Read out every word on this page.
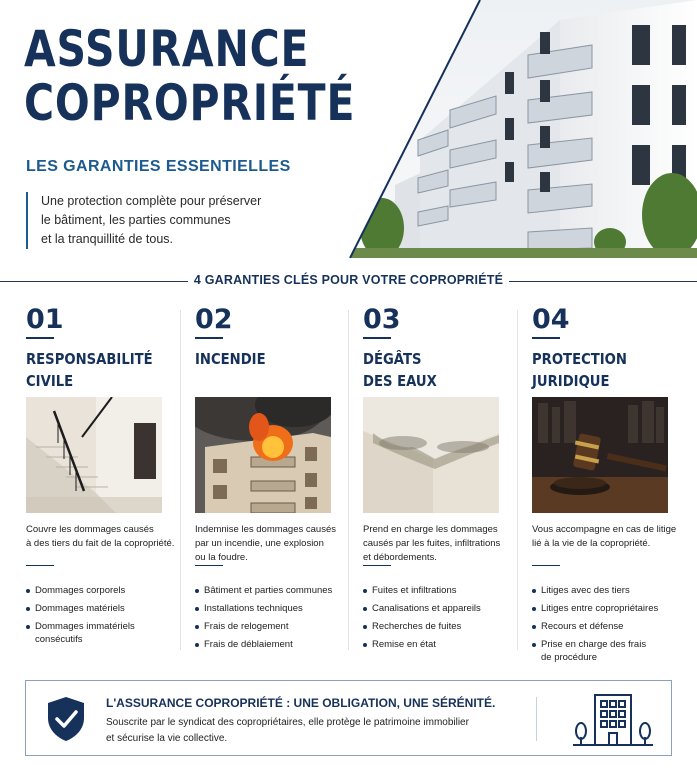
ASSURANCE
COPROPRIÉTÉ
LES GARANTIES ESSENTIELLES
Une protection complète pour préserver
le bâtiment, les parties communes
et la tranquillité de tous.
4 GARANTIES CLÉS POUR VOTRE COPROPRIÉTÉ
01
RESPONSABILITÉ
CIVILE
Couvre les dommages causés
à des tiers du fait de la copropriété.
Dommages corporels
Dommages matériels
Dommages immatériels
consécutifs
02
INCENDIE
Indemnise les dommages causés
par un incendie, une explosion
ou la foudre.
Bâtiment et parties communes
Installations techniques
Frais de relogement
Frais de déblaiement
03
DÉGÂTS
DES EAUX
Prend en charge les dommages
causés par les fuites, infiltrations
et débordements.
Fuites et infiltrations
Canalisations et appareils
Recherches de fuites
Remise en état
04
PROTECTION
JURIDIQUE
Vous accompagne en cas de litige
lié à la vie de la copropriété.
Litiges avec des tiers
Litiges entre copropriétaires
Recours et défense
Prise en charge des frais
de procédure
L'ASSURANCE COPROPRIÉTÉ : UNE OBLIGATION, UNE SÉRÉNITÉ.
Souscrite par le syndicat des copropriétaires, elle protège le patrimoine immobilier
et sécurise la vie collective.
